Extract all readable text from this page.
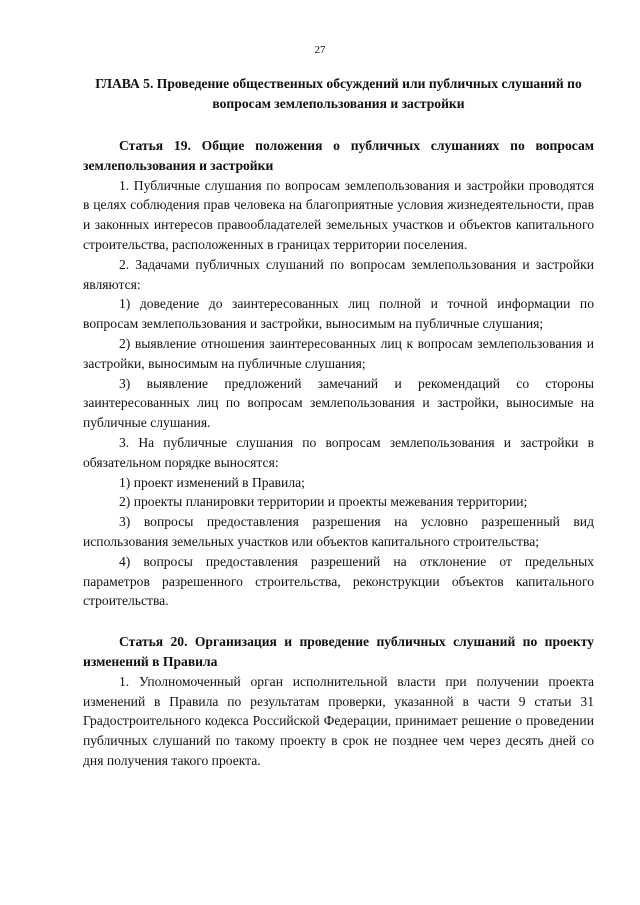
27
ГЛАВА 5. Проведение общественных обсуждений или публичных слушаний по вопросам землепользования и застройки
Статья 19. Общие положения о публичных слушаниях по вопросам землепользования и застройки

1. Публичные слушания по вопросам землепользования и застройки проводятся в целях соблюдения прав человека на благоприятные условия жизнедеятельности, прав и законных интересов правообладателей земельных участков и объектов капитального строительства, расположенных в границах территории поселения.

2. Задачами публичных слушаний по вопросам землепользования и застройки являются:

1) доведение до заинтересованных лиц полной и точной информации по вопросам землепользования и застройки, выносимым на публичные слушания;

2) выявление отношения заинтересованных лиц к вопросам землепользования и застройки, выносимым на публичные слушания;

3) выявление предложений замечаний и рекомендаций со стороны заинтересованных лиц по вопросам землепользования и застройки, выносимые на публичные слушания.

3. На публичные слушания по вопросам землепользования и застройки в обязательном порядке выносятся:

1) проект изменений в Правила;

2) проекты планировки территории и проекты межевания территории;

3) вопросы предоставления разрешения на условно разрешенный вид использования земельных участков или объектов капитального строительства;

4) вопросы предоставления разрешений на отклонение от предельных параметров разрешенного строительства, реконструкции объектов капитального строительства.

Статья 20. Организация и проведение публичных слушаний по проекту изменений в Правила

1. Уполномоченный орган исполнительной власти при получении проекта изменений в Правила по результатам проверки, указанной в части 9 статьи 31 Градостроительного кодекса Российской Федерации, принимает решение о проведении публичных слушаний по такому проекту в срок не позднее чем через десять дней со дня получения такого проекта.
